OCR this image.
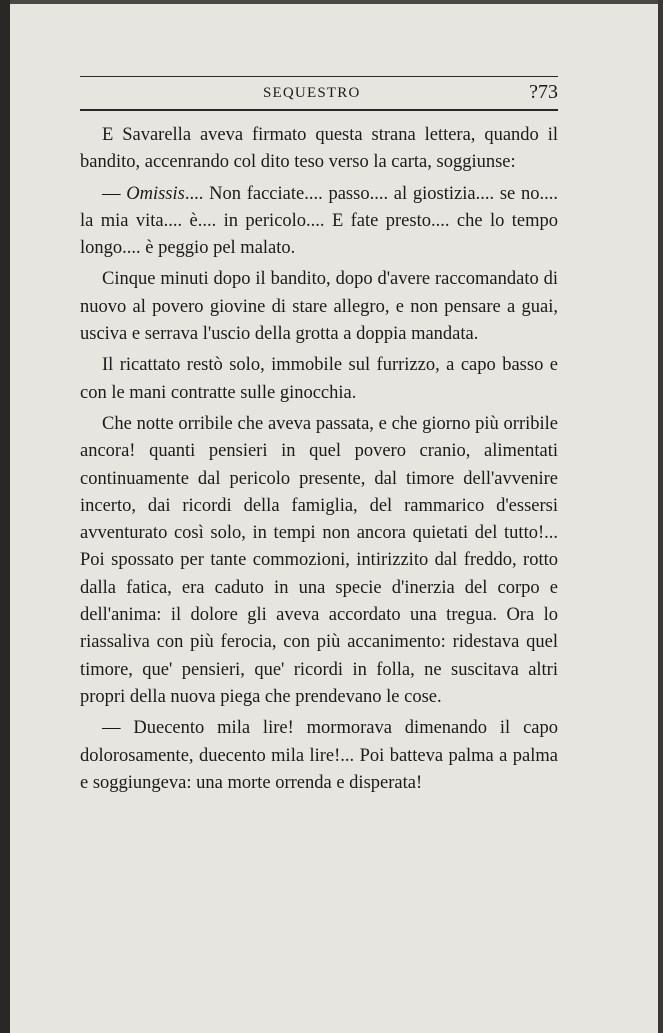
SEQUESTRO	?73

E Savarella aveva firmato questa strana lettera, quando il bandito, accenrando col dito teso verso la carta, soggiunse:

— Omissis.... Non facciate.... passo.... al giostizia.... se no.... la mia vita.... è.... in pericolo.... E fate presto.... che lo tempo longo.... è peggio pel malato.

Cinque minuti dopo il bandito, dopo d'avere raccomandato di nuovo al povero giovine di stare allegro, e non pensare a guai, usciva e serrava l'uscio della grotta a doppia mandata.

Il ricattato restò solo, immobile sul furrizzo, a capo basso e con le mani contratte sulle ginocchia.

Che notte orribile che aveva passata, e che giorno più orribile ancora! quanti pensieri in quel povero cranio, alimentati continuamente dal pericolo presente, dal timore dell'avvenire incerto, dai ricordi della famiglia, del rammarico d'essersi avventurato così solo, in tempi non ancora quietati del tutto!... Poi spossato per tante commozioni, intirizzito dal freddo, rotto dalla fatica, era caduto in una specie d'inerzia del corpo e dell'anima: il dolore gli aveva accordato una tregua. Ora lo riassaliva con più ferocia, con più accanimento: ridestava quel timore, que' pensieri, que' ricordi in folla, ne suscitava altri propri della nuova piega che prendevano le cose.

— Duecento mila lire! mormorava dimenando il capo dolorosamente, duecento mila lire!... Poi batteva palma a palma e soggiungeva: una morte orrenda e disperata!
